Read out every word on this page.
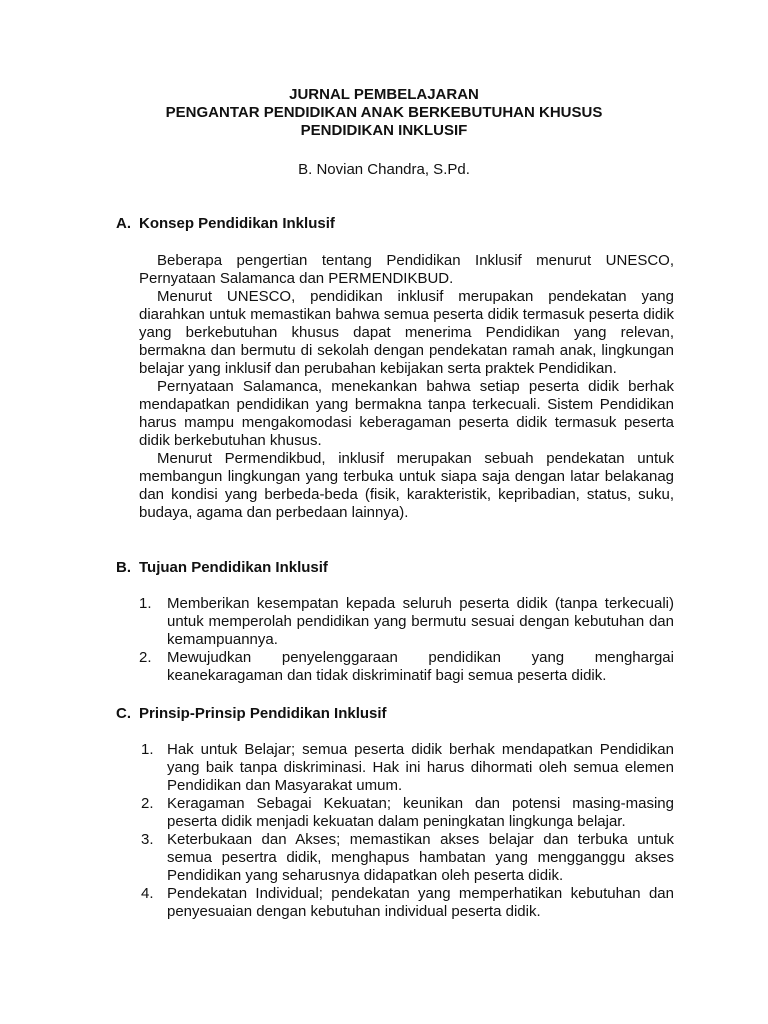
JURNAL PEMBELAJARAN
PENGANTAR PENDIDIKAN ANAK BERKEBUTUHAN KHUSUS
PENDIDIKAN INKLUSIF
B. Novian Chandra, S.Pd.
A. Konsep Pendidikan Inklusif

Beberapa pengertian tentang Pendidikan Inklusif menurut UNESCO, Pernyataan Salamanca dan PERMENDIKBUD.

Menurut UNESCO, pendidikan inklusif merupakan pendekatan yang diarahkan untuk memastikan bahwa semua peserta didik termasuk peserta didik yang berkebutuhan khusus dapat menerima Pendidikan yang relevan, bermakna dan bermutu di sekolah dengan pendekatan ramah anak, lingkungan belajar yang inklusif dan perubahan kebijakan serta praktek Pendidikan.

Pernyataan Salamanca, menekankan bahwa setiap peserta didik berhak mendapatkan pendidikan yang bermakna tanpa terkecuali. Sistem Pendidikan harus mampu mengakomodasi keberagaman peserta didik termasuk peserta didik berkebutuhan khusus.

Menurut Permendikbud, inklusif merupakan sebuah pendekatan untuk membangun lingkungan yang terbuka untuk siapa saja dengan latar belakanag dan kondisi yang berbeda-beda (fisik, karakteristik, kepribadian, status, suku, budaya, agama dan perbedaan lainnya).

B. Tujuan Pendidikan Inklusif
1. Memberikan kesempatan kepada seluruh peserta didik (tanpa terkecuali) untuk memperolah pendidikan yang bermutu sesuai dengan kebutuhan dan kemampuannya.
2. Mewujudkan penyelenggaraan pendidikan yang menghargai keanekaragaman dan tidak diskriminatif bagi semua peserta didik.
C. Prinsip-Prinsip Pendidikan Inklusif
1. Hak untuk Belajar; semua peserta didik berhak mendapatkan Pendidikan yang baik tanpa diskriminasi. Hak ini harus dihormati oleh semua elemen Pendidikan dan Masyarakat umum.
2. Keragaman Sebagai Kekuatan; keunikan dan potensi masing-masing peserta didik menjadi kekuatan dalam peningkatan lingkunga belajar.
3. Keterbukaan dan Akses; memastikan akses belajar dan terbuka untuk semua pesertra didik, menghapus hambatan yang mengganggu akses Pendidikan yang seharusnya didapatkan oleh peserta didik.
4. Pendekatan Individual; pendekatan yang memperhatikan kebutuhan dan penyesuaian dengan kebutuhan individual peserta didik.
